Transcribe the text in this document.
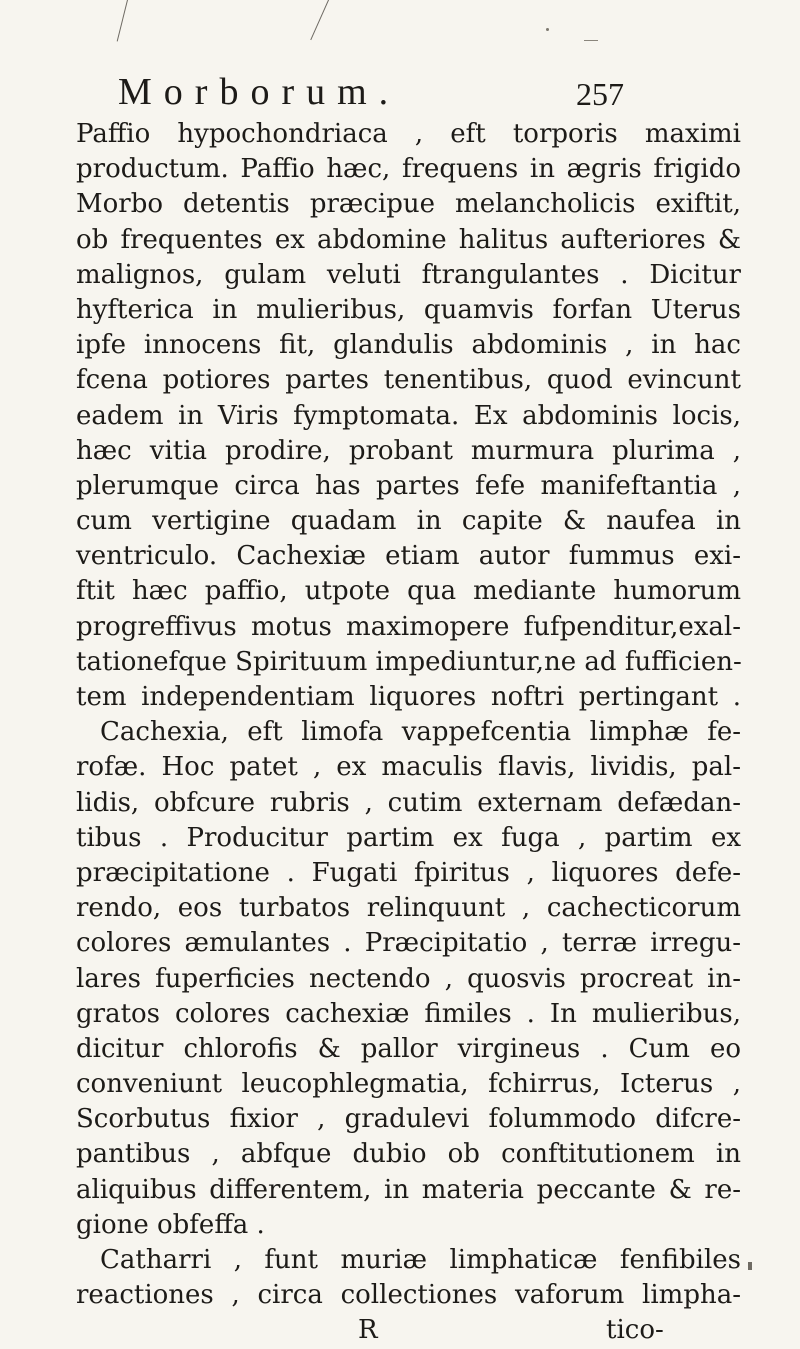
Morborum.	257
Paffio hypochondriaca , eft torporis maximi
productum. Paffio hæc, frequens in ægris frigido
Morbo detentis præcipue melancholicis exiftit,
ob frequentes ex abdomine halitus aufteriores &
malignos, gulam veluti ftrangulantes . Dicitur
hyfterica in mulieribus, quamvis forfan Uterus
ipfe innocens fit, glandulis abdominis , in hac
fcena potiores partes tenentibus, quod evincunt
eadem in Viris fymptomata. Ex abdominis locis,
hæc vitia prodire, probant murmura plurima ,
plerumque circa has partes fefe manifeftantia ,
cum vertigine quadam in capite & naufea in
ventriculo. Cachexiæ etiam autor fummus exi-
ftit hæc paffio, utpote qua mediante humorum
progreffivus motus maximopere fufpenditur,exal-
tationefque Spirituum impediuntur,ne ad fufficien-
tem independentiam liquores noftri pertingant .
Cachexia, eft limofa vappefcentia limphæ fe-
rofæ. Hoc patet , ex maculis flavis, lividis, pal-
lidis, obfcure rubris , cutim externam defædan-
tibus . Producitur partim ex fuga , partim ex
præcipitatione . Fugati fpiritus , liquores defe-
rendo, eos turbatos relinquunt , cachecticorum
colores æmulantes . Præcipitatio , terræ irregu-
lares fuperficies nectendo , quosvis procreat in-
gratos colores cachexiæ fimiles . In mulieribus,
dicitur chlorofis & pallor virgineus . Cum eo
conveniunt leucophlegmatia, fchirrus, Icterus ,
Scorbutus fixior , gradulevi folummodo difcre-
pantibus , abfque dubio ob conftitutionem in
aliquibus differentem, in materia peccante & re-
gione obfeffa .
Catharri , funt muriæ limphaticæ fenfibiles
reactiones , circa collectiones vaforum limpha-
R	tico-
